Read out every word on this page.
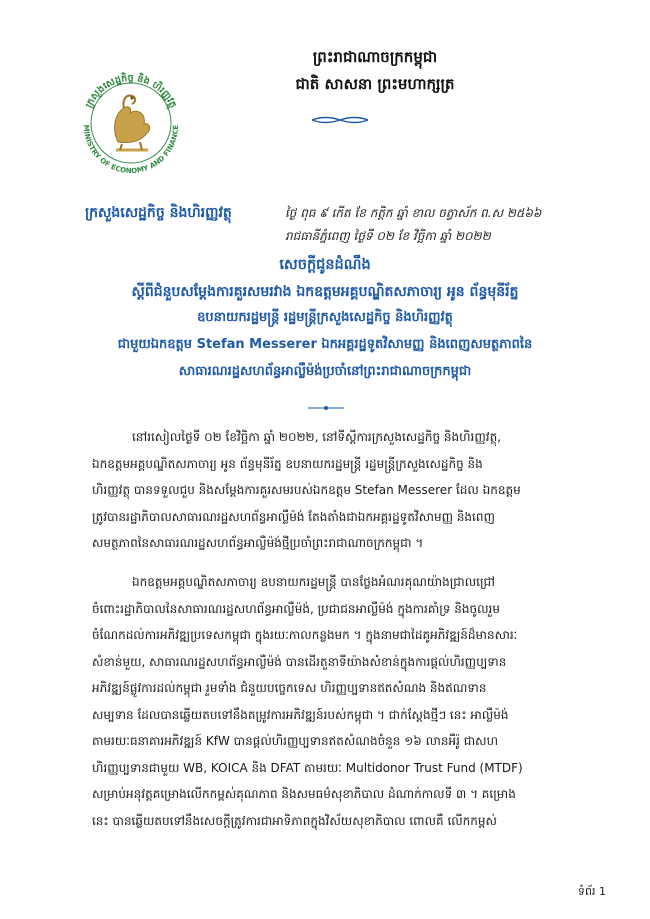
ក្រសួងសេដ្ឋកិច្ច និង ហិរញ្ញវត្ថុ
MINISTRY OF ECONOMY AND FINANCE
ព្រះរាជាណាចក្រកម្ពុជា
ជាតិ សាសនា ព្រះមហាក្សត្រ
ក្រសួងសេដ្ឋកិច្ច និងហិរញ្ញវត្ថុ	ថ្ងៃ ពុធ ៩ កើត ខែ កត្តិក ឆ្នាំ ខាល ចត្វាស័ក ព.ស ២៥៦៦
រាជធានីភ្នំពេញ ថ្ងៃទី ០២ ខែ វិច្ឆិកា ឆ្នាំ ២០២២
សេចក្តីជូនដំណឹង
ស្តីពីជំនួបសម្តែងការគួរសមរវាង ឯកឧត្តមអគ្គបណ្ឌិតសភាចារ្យ អូន ព័ន្ធមុនីរ័ត្ន
ឧបនាយករដ្ឋមន្ត្រី រដ្ឋមន្ត្រីក្រសួងសេដ្ឋកិច្ច និងហិរញ្ញវត្ថុ
ជាមួយឯកឧត្តម Stefan Messerer ឯកអគ្គរដ្ឋទូតវិសាមញ្ញ និងពេញសមត្ថភាពនៃ
សាធារណរដ្ឋសហព័ន្ធអាល្លឺម៉ង់ប្រចាំនៅព្រះរាជាណាចក្រកម្ពុជា
នៅរសៀលថ្ងៃទី ០២ ខែវិច្ឆិកា ឆ្នាំ ២០២២, នៅទីស្តីការក្រសួងសេដ្ឋកិច្ច និងហិរញ្ញវត្ថុ,
ឯកឧត្តមអគ្គបណ្ឌិតសភាចារ្យ អូន ព័ន្ធមុនីរ័ត្ន ឧបនាយករដ្ឋមន្ត្រី រដ្ឋមន្ត្រីក្រសួងសេដ្ឋកិច្ច និង
ហិរញ្ញវត្ថុ បានទទួលជួប និងសម្តែងការគួរសមរបស់ឯកឧត្តម Stefan Messerer ដែល ឯកឧត្តម
ត្រូវបានរដ្ឋាភិបាលសាធារណរដ្ឋសហព័ន្ធអាល្លឺម៉ង់ តែងតាំងជាឯកអគ្គរដ្ឋទូតវិសាមញ្ញ និងពេញ
សមត្ថភាពនៃសាធារណរដ្ឋសហព័ន្ធអាល្លឺម៉ង់ថ្មីប្រចាំព្រះរាជាណាចក្រកម្ពុជា ។
ឯកឧត្តមអគ្គបណ្ឌិតសភាចារ្យ ឧបនាយករដ្ឋមន្ត្រី បានថ្លែងអំណរគុណយ៉ាងជ្រាលជ្រៅ
ចំពោះរដ្ឋាភិបាលនៃសាធារណរដ្ឋសហព័ន្ធអាល្លឺម៉ង់, ប្រជាជនអាល្លឺម៉ង់ ក្នុងការគាំទ្រ និងចូលរួម
ចំណែកដល់ការអភិវឌ្ឍប្រទេសកម្ពុជា ក្នុងរយៈកាលកន្លងមក ។ ក្នុងនាមជាដៃគូអភិវឌ្ឍន៍ដ៏មានសារៈ
សំខាន់មួយ, សាធារណរដ្ឋសហព័ន្ធអាល្លឺម៉ង់ បានដើរតួនាទីយ៉ាងសំខាន់ក្នុងការផ្តល់ហិរញ្ញប្បទាន
អភិវឌ្ឍន៍ផ្លូវការដល់កម្ពុជា រួមទាំង ជំនួយបច្ចេកទេស ហិរញ្ញប្បទានឥតសំណង និងឥណទាន
សម្បទាន ដែលបានឆ្លើយតបទៅនឹងតម្រូវការអភិវឌ្ឍន៍របស់កម្ពុជា ។ ជាក់ស្តែងថ្មីៗ នេះ អាល្លឺម៉ង់
តាមរយៈធនាគារអភិវឌ្ឍន៍ KfW បានផ្តល់ហិរញ្ញប្បទានឥតសំណងចំនួន ១៦ លានអឺរ៉ូ ជាសហ
ហិរញ្ញប្បទានជាមួយ WB, KOICA និង DFAT តាមរយៈ Multidonor Trust Fund (MTDF)
សម្រាប់អនុវត្តគម្រោងលើកកម្ពស់គុណភាព និងសមធម៌សុខាភិបាល ដំណាក់កាលទី ៣ ។ គម្រោង
នេះ បានឆ្លើយតបទៅនឹងសេចក្តីត្រូវការជាអាទិភាពក្នុងវិស័យសុខាភិបាល ពោលគឺ លើកកម្ពស់
ទំព័រ 1
